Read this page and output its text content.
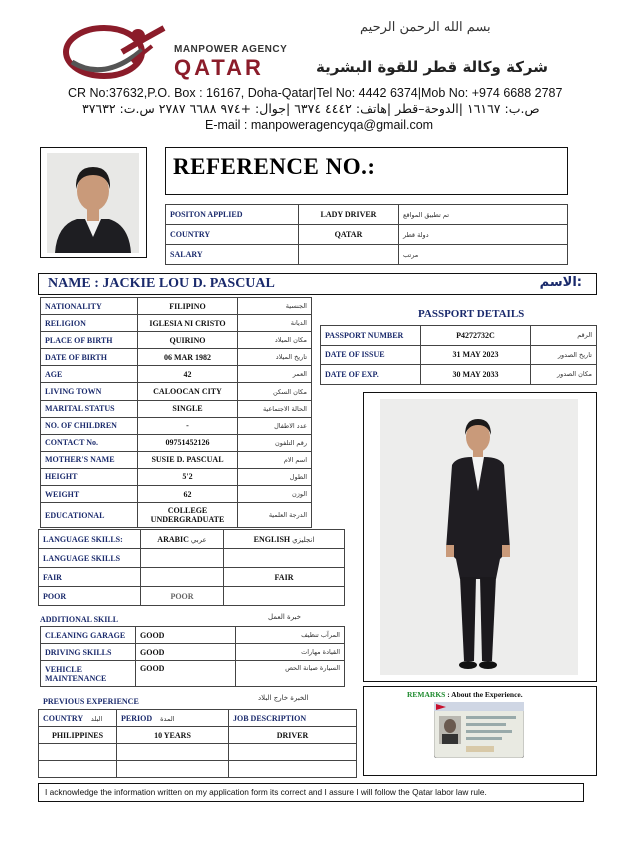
بسم الله الرحمن الرحيم
MANPOWER AGENCY
QATAR	شركة وكالة قطر للقوة البشرية
CR No:37632,P.O. Box : 16167, Doha-Qatar|Tel No: 4442 6374|Mob No: +974 6688 2787
ص.ب: ١٦١٦٧ |الدوحة–قطر |هاتف: ٤٤٤٢ ٦٣٧٤ |جوال: +٩٧٤ ٦٦٨٨ ٢٧٨٧ س.ت: ٣٧٦٣٢
E-mail : manpoweragencyqa@gmail.com
REFERENCE NO.:
POSITON APPLIED	LADY DRIVER	تم تطبيق المواقع
COUNTRY	QATAR	دولة قطر
SALARY		مرتب
NAME : JACKIE LOU D. PASCUAL	الاسم:
NATIONALITY	FILIPINO	الجنسية
RELIGION	IGLESIA NI CRISTO	الديانة
PLACE OF BIRTH	QUIRINO	مكان الميلاد
DATE OF BIRTH	06 MAR 1982	تاريخ الميلاد
AGE	42	العمر
LIVING TOWN	CALOOCAN CITY	مكان السكن
MARITAL STATUS	SINGLE	الحالة الاجتماعية
NO. OF CHILDREN	-	عدد الاطفال
CONTACT No.	09751452126	رقم التلفون
MOTHER'S NAME	SUSIE D. PASCUAL	اسم الام
HEIGHT	5'2	الطول
WEIGHT	62	الوزن
EDUCATIONAL	COLLEGE UNDERGRADUATE	الدرجة العلمية
PASSPORT DETAILS
PASSPORT NUMBER	P4272732C	الرقم
DATE OF ISSUE	31 MAY 2023	تاريخ الصدور
DATE OF EXP.	30 MAY 2033	مكان الصدور
LANGUAGE SKILLS:	ARABIC عربي	ENGLISH انجليزي
LANGUAGE SKILLS		
FAIR		FAIR
POOR	POOR	
ADDITIONAL SKILL	خبرة العمل
CLEANING GARAGE	GOOD	المرآب تنظيف
DRIVING SKILLS	GOOD	القيادة مهارات
VEHICLE MAINTENANCE	GOOD	السيارة صيانة الحص
PREVIOUS EXPERIENCE	الخبرة خارج البلاد
COUNTRY البلد	PERIOD المدة	JOB DESCRIPTION
PHILIPPINES	10 YEARS	DRIVER

REMARKS : About the Experience.
I acknowledge the information written on my application form its correct and I assure I will follow the Qatar labor law rule.
